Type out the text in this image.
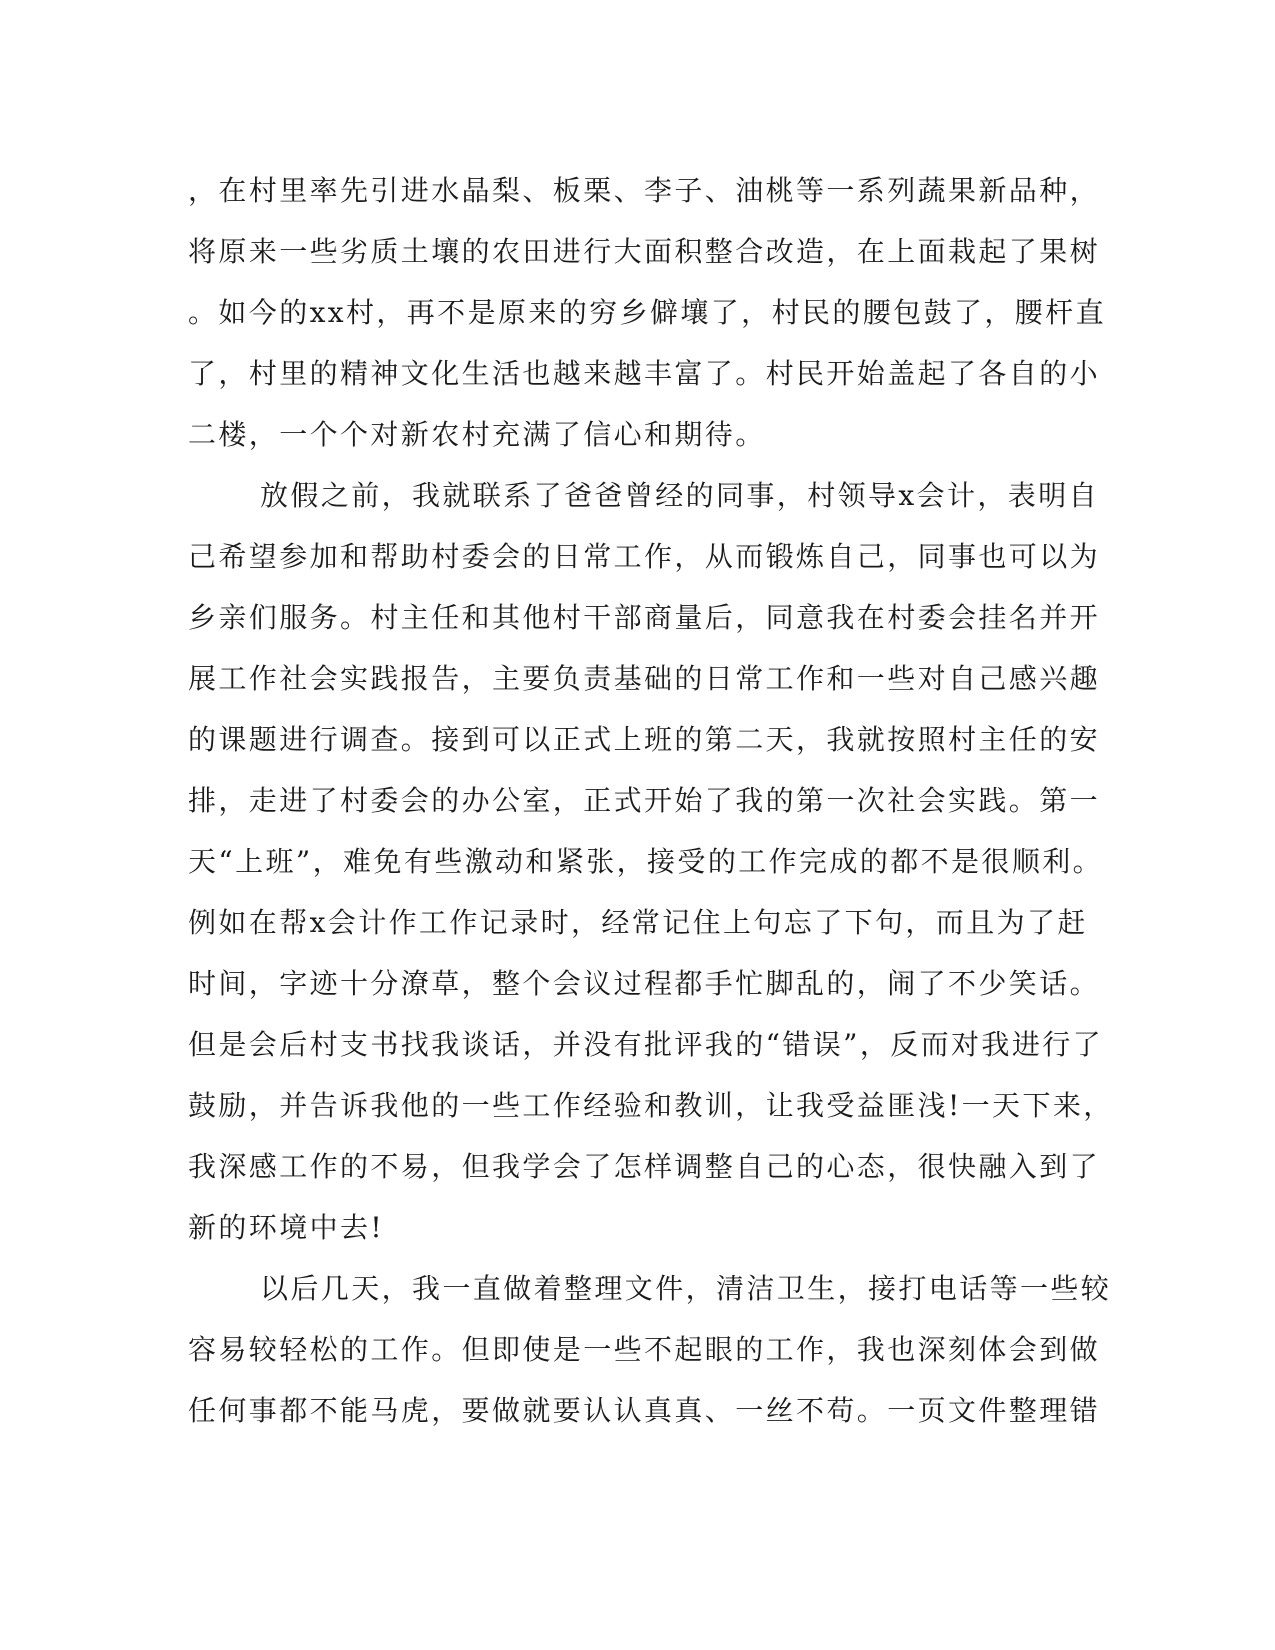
，在村里率先引进水晶梨、板栗、李子、油桃等一系列蔬果新品种，
将原来一些劣质土壤的农田进行大面积整合改造，在上面栽起了果树
。如今的xx村，再不是原来的穷乡僻壤了，村民的腰包鼓了，腰杆直
了，村里的精神文化生活也越来越丰富了。村民开始盖起了各自的小
二楼，一个个对新农村充满了信心和期待。
放假之前，我就联系了爸爸曾经的同事，村领导x会计，表明自
己希望参加和帮助村委会的日常工作，从而锻炼自己，同事也可以为
乡亲们服务。村主任和其他村干部商量后，同意我在村委会挂名并开
展工作社会实践报告，主要负责基础的日常工作和一些对自己感兴趣
的课题进行调查。接到可以正式上班的第二天，我就按照村主任的安
排，走进了村委会的办公室，正式开始了我的第一次社会实践。第一
天“上班”，难免有些激动和紧张，接受的工作完成的都不是很顺利。
例如在帮x会计作工作记录时，经常记住上句忘了下句，而且为了赶
时间，字迹十分潦草，整个会议过程都手忙脚乱的，闹了不少笑话。
但是会后村支书找我谈话，并没有批评我的“错误”，反而对我进行了
鼓励，并告诉我他的一些工作经验和教训，让我受益匪浅!一天下来，
我深感工作的不易，但我学会了怎样调整自己的心态，很快融入到了
新的环境中去!
以后几天，我一直做着整理文件，清洁卫生，接打电话等一些较
容易较轻松的工作。但即使是一些不起眼的工作，我也深刻体会到做
任何事都不能马虎，要做就要认认真真、一丝不苟。一页文件整理错
